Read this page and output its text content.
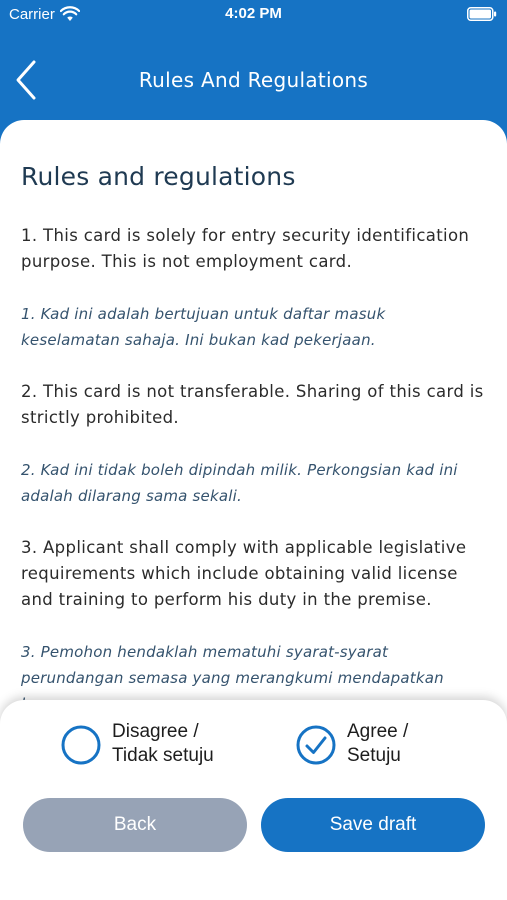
Carrier	4:02 PM
Rules And Regulations
Rules and regulations

1. This card is solely for entry security identification purpose. This is not employment card.

1. Kad ini adalah bertujuan untuk daftar masuk keselamatan sahaja. Ini bukan kad pekerjaan.

2. This card is not transferable. Sharing of this card is strictly prohibited.

2. Kad ini tidak boleh dipindah milik. Perkongsian kad ini adalah dilarang sama sekali.

3. Applicant shall comply with applicable legislative requirements which include obtaining valid license and training to perform his duty in the premise.

3. Pemohon hendaklah mematuhi syarat-syarat perundangan semasa yang merangkumi mendapatkan

Disagree /
Tidak setuju
Agree /
Setuju
Back	Save draft
